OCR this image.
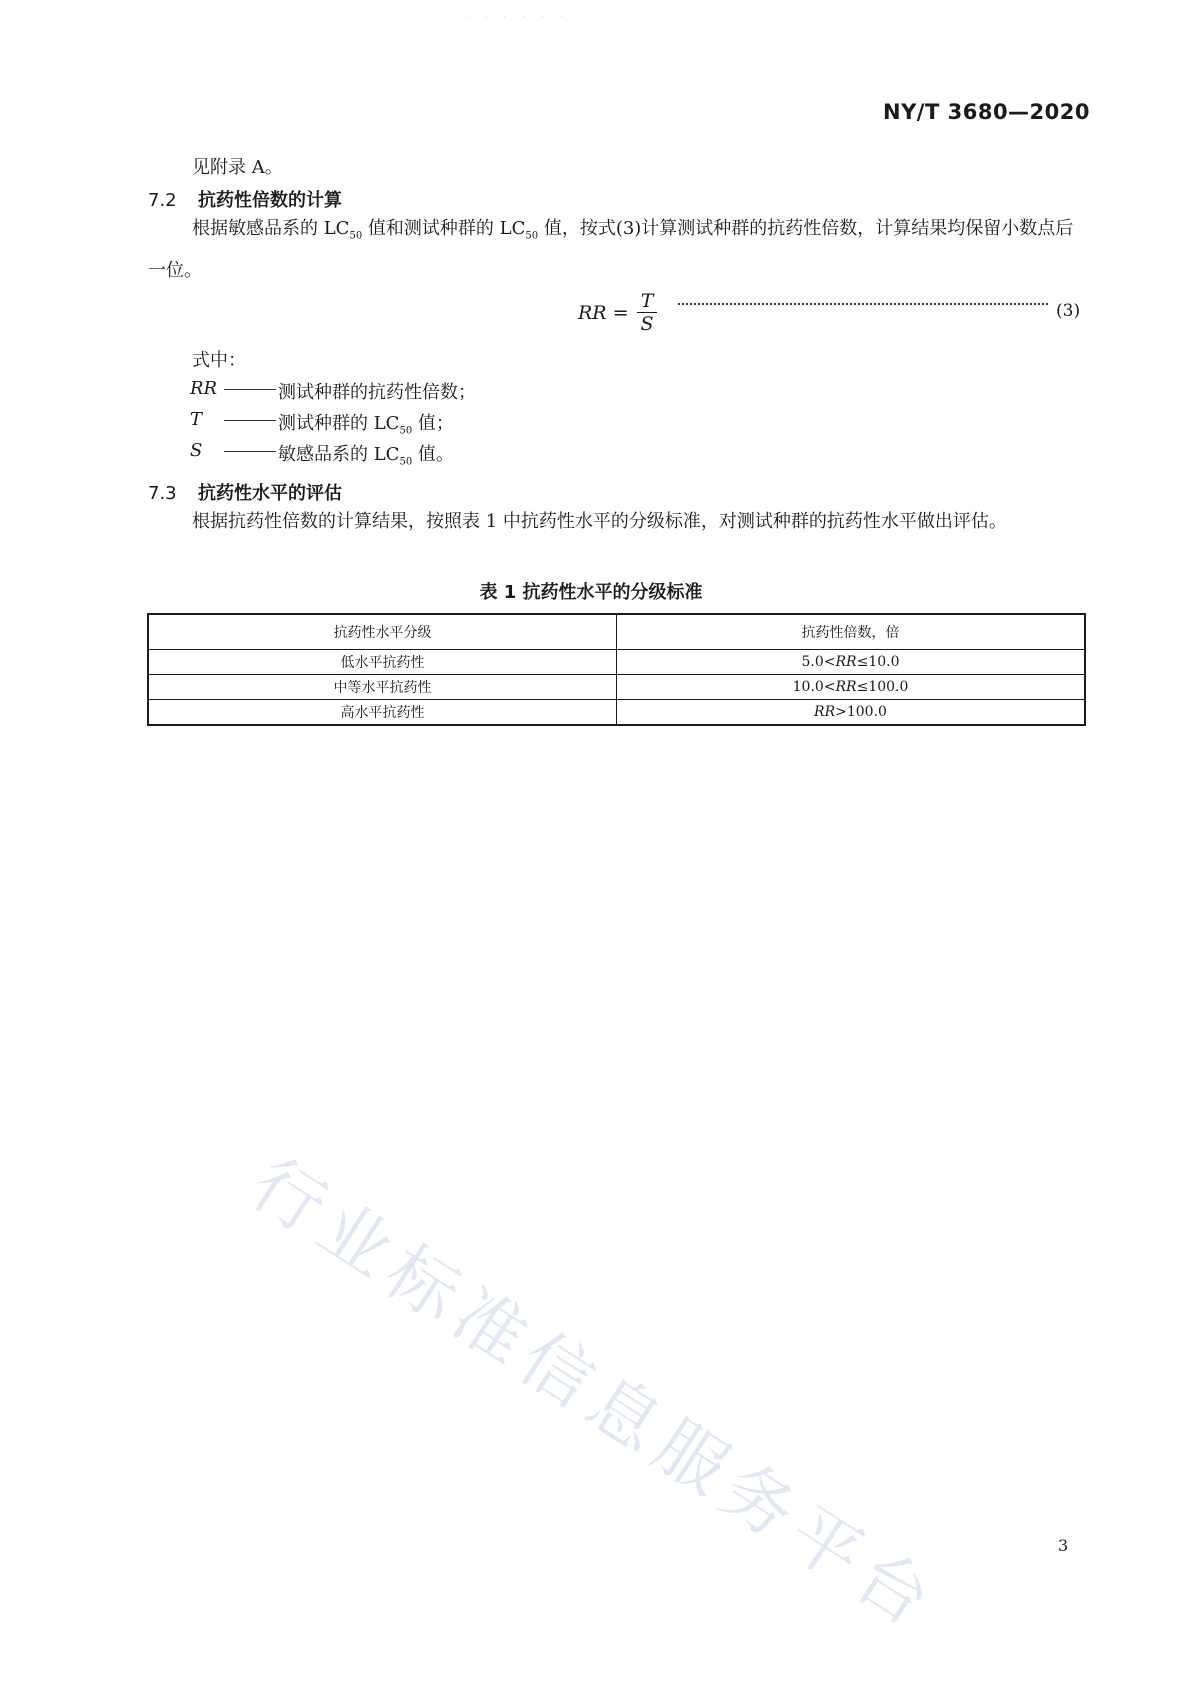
· · · · · ·
NY/T 3680—2020
见附录 A。
7.2 抗药性倍数的计算
根据敏感品系的 $LC_{50}$ 值和测试种群的 $LC_{50}$ 值，按式(3)计算测试种群的抗药性倍数，计算结果均保留小数点后一位。
RR = $\frac{T}{S}$	(3)
式中：
RR	测试种群的抗药性倍数；
T	测试种群的 $LC_{50}$ 值；
S	敏感品系的 $LC_{50}$ 值。
7.3 抗药性水平的评估
根据抗药性倍数的计算结果，按照表 1 中抗药性水平的分级标准，对测试种群的抗药性水平做出评估。
表 1 抗药性水平的分级标准
抗药性水平分级	抗药性倍数，倍
低水平抗药性	5.0<RR≤10.0
中等水平抗药性	10.0<RR≤100.0
高水平抗药性	RR>100.0
行业标准信息服务平台	3
